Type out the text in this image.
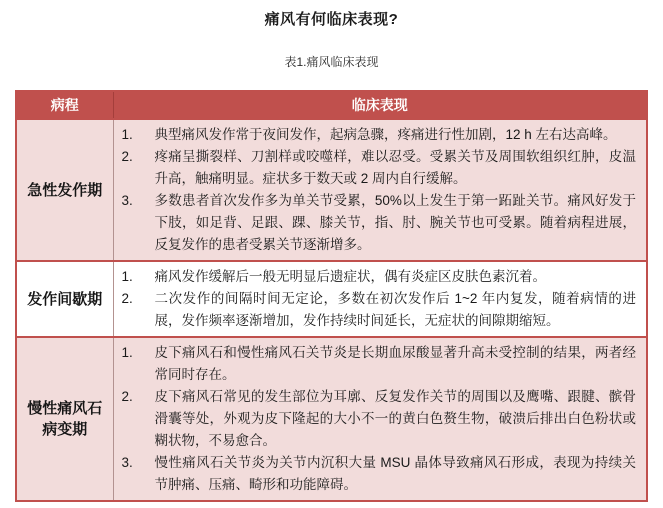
痛风有何临床表现?
表1.痛风临床表现
病程	临床表现
急性发作期	
1.	典型痛风发作常于夜间发作，起病急骤，疼痛进行性加剧，12 h 左右达高峰。
2.	疼痛呈撕裂样、刀割样或咬噬样，难以忍受。受累关节及周围软组织红肿，皮温升高，触痛明显。症状多于数天或 2 周内自行缓解。
3.	多数患者首次发作多为单关节受累，50%以上发生于第一跖趾关节。痛风好发于下肢，如足背、足跟、踝、膝关节，指、肘、腕关节也可受累。随着病程进展，反复发作的患者受累关节逐渐增多。

发作间歇期	1. 痛风发作缓解后一般无明显后遗症状，偶有炎症区皮肤色素沉着。
2. 二次发作的间隔时间无定论，多数在初次发作后 1~2 年内复发，随着病情的进展，发作频率逐渐增加，发作持续时间延长，无症状的间隙期缩短。

慢性痛风石病变期	
1.	皮下痛风石和慢性痛风石关节炎是长期血尿酸显著升高未受控制的结果，两者经常同时存在。
2.	皮下痛风石常见的发生部位为耳廓、反复发作关节的周围以及鹰嘴、跟腱、髌骨滑囊等处，外观为皮下隆起的大小不一的黄白色赘生物，破溃后排出白色粉状或糊状物，不易愈合。
3.	慢性痛风石关节炎为关节内沉积大量 MSU 晶体导致痛风石形成，表现为持续关节肿痛、压痛、畸形和功能障碍。
